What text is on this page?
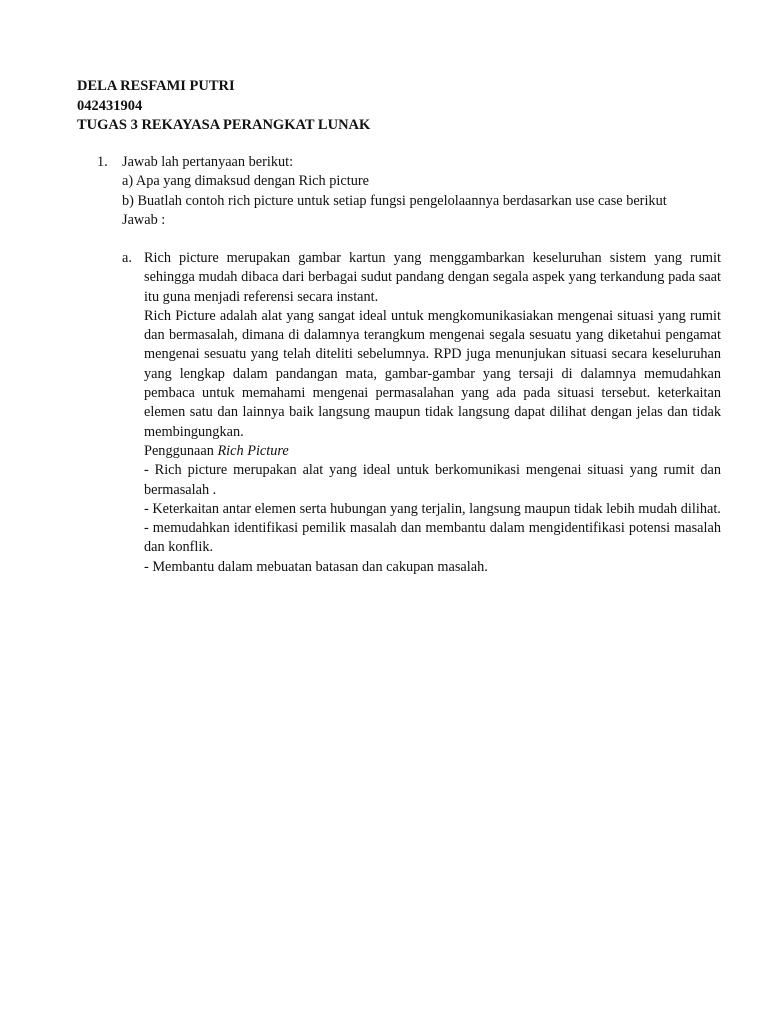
DELA RESFAMI PUTRI
042431904
TUGAS 3 REKAYASA PERANGKAT LUNAK
1. Jawab lah pertanyaan berikut:
a) Apa yang dimaksud dengan Rich picture
b) Buatlah contoh rich picture untuk setiap fungsi pengelolaannya berdasarkan use case berikut
Jawab :
a. Rich picture merupakan gambar kartun yang menggambarkan keseluruhan sistem yang rumit sehingga mudah dibaca dari berbagai sudut pandang dengan segala aspek yang terkandung pada saat itu guna menjadi referensi secara instant.

Rich Picture adalah alat yang sangat ideal untuk mengkomunikasiakan mengenai situasi yang rumit dan bermasalah, dimana di dalamnya terangkum mengenai segala sesuatu yang diketahui pengamat mengenai sesuatu yang telah diteliti sebelumnya. RPD juga menunjukan situasi secara keseluruhan yang lengkap dalam pandangan mata, gambar-gambar yang tersaji di dalamnya memudahkan pembaca untuk memahami mengenai permasalahan yang ada pada situasi tersebut. keterkaitan elemen satu dan lainnya baik langsung maupun tidak langsung dapat dilihat dengan jelas dan tidak membingungkan.

Penggunaan Rich Picture

- Rich picture merupakan alat yang ideal untuk berkomunikasi mengenai situasi yang rumit dan bermasalah .

- Keterkaitan antar elemen serta hubungan yang terjalin, langsung maupun tidak lebih mudah dilihat.

- memudahkan identifikasi pemilik masalah dan membantu dalam mengidentifikasi potensi masalah dan konflik.

- Membantu dalam mebuatan batasan dan cakupan masalah.
